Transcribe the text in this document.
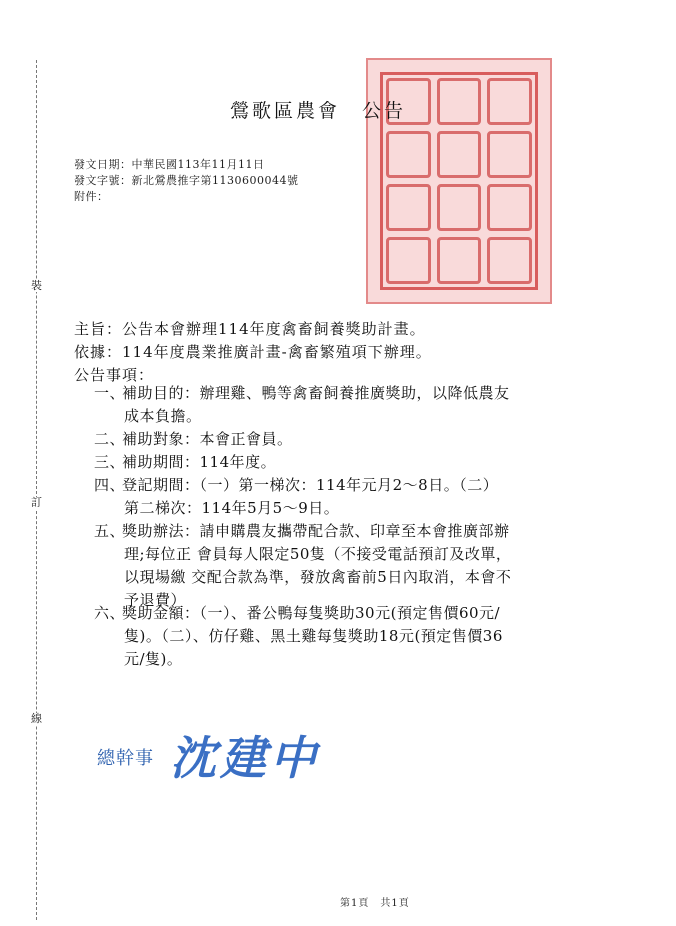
裝
訂
線
鶯歌區農會 公告
發文日期：中華民國113年11月11日
發文字號：新北鶯農推字第1130600044號
附件：
主旨：公告本會辦理114年度禽畜飼養獎助計畫。
依據：114年度農業推廣計畫-禽畜繁殖項下辦理。
公告事項：
一、
補助目的：辦理雞、鴨等禽畜飼養推廣獎助，以降低農友
成本負擔。
二、
補助對象：本會正會員。
三、
補助期間：114年度。
四、
登記期間：（一）第一梯次：114年元月2～8日。（二）
第二梯次：114年5月5～9日。
五、
獎助辦法：請申購農友攜帶配合款、印章至本會推廣部辦
理;每位正 會員每人限定50隻（不接受電話預訂及改單，
以現場繳 交配合款為準，發放禽畜前5日內取消，本會不
予退費）
六、
獎助金額：（一）、番公鴨每隻獎助30元(預定售價60元/
隻)。（二）、仿仔雞、黑土雞每隻獎助18元(預定售價36
元/隻)。
總幹事 沈建中
第1頁　共1頁
